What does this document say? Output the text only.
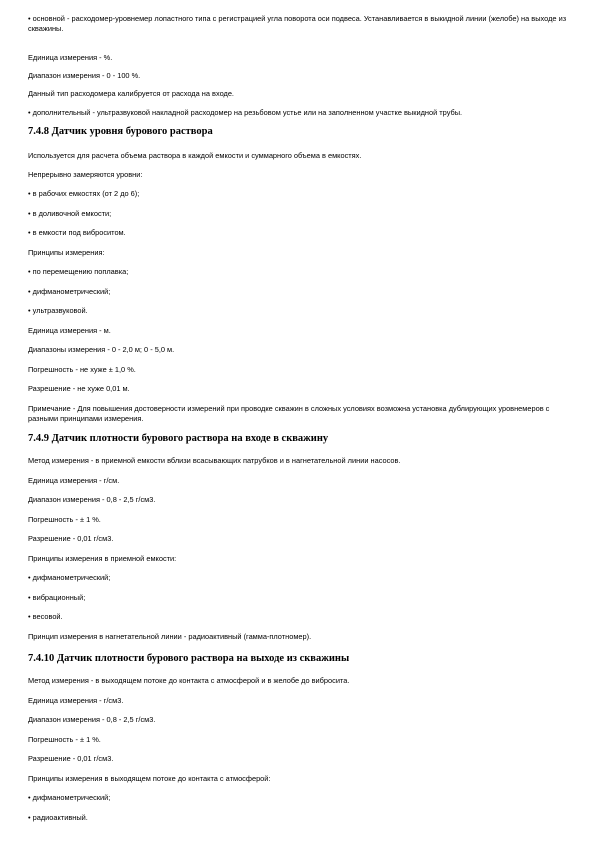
• основной - расходомер-уровнемер лопастного типа с регистрацией угла поворота оси подвеса. Устанавливается в выкидной линии (желобе) на выходе из скважины.

Единица измерения - %.

Диапазон измерения - 0 - 100 %.

Данный тип расходомера калибруется от расхода на входе.

• дополнительный - ультразвуковой накладной расходомер на резьбовом устье или на заполненном участке выкидной трубы.

7.4.8 Датчик уровня бурового раствора

Используется для расчета объема раствора в каждой емкости и суммарного объема в емкостях.

Непрерывно замеряются уровни:

• в рабочих емкостях (от 2 до 6);

• в доливочной емкости;

• в емкости под виброситом.

Принципы измерения:

• по перемещению поплавка;

• дифманометрический;

• ультразвуковой.

Единица измерения - м.

Диапазоны измерения - 0 - 2,0 м; 0 - 5,0 м.

Погрешность - не хуже ± 1,0 %.

Разрешение - не хуже 0,01 м.

Примечание - Для повышения достоверности измерений при проводке скважин в сложных условиях возможна установка дублирующих уровнемеров с разными принципами измерения.

7.4.9 Датчик плотности бурового раствора на входе в скважину

Метод измерения - в приемной емкости вблизи всасывающих патрубков и в нагнетательной линии насосов.

Единица измерения - г/см.

Диапазон измерения - 0,8 - 2,5 г/см3.

Погрешность - ± 1 %.

Разрешение - 0,01 г/см3.

Принципы измерения в приемной емкости:

• дифманометрический;

• вибрационный;

• весовой.

Принцип измерения в нагнетательной линии - радиоактивный (гамма-плотномер).

7.4.10 Датчик плотности бурового раствора на выходе из скважины

Метод измерения - в выходящем потоке до контакта с атмосферой и в желобе до вибросита.

Единица измерения - г/см3.

Диапазон измерения - 0,8 - 2,5 г/см3.

Погрешность - ± 1 %.

Разрешение - 0,01 г/см3.

Принципы измерения в выходящем потоке до контакта с атмосферой:

• дифманометрический;

• радиоактивный.
